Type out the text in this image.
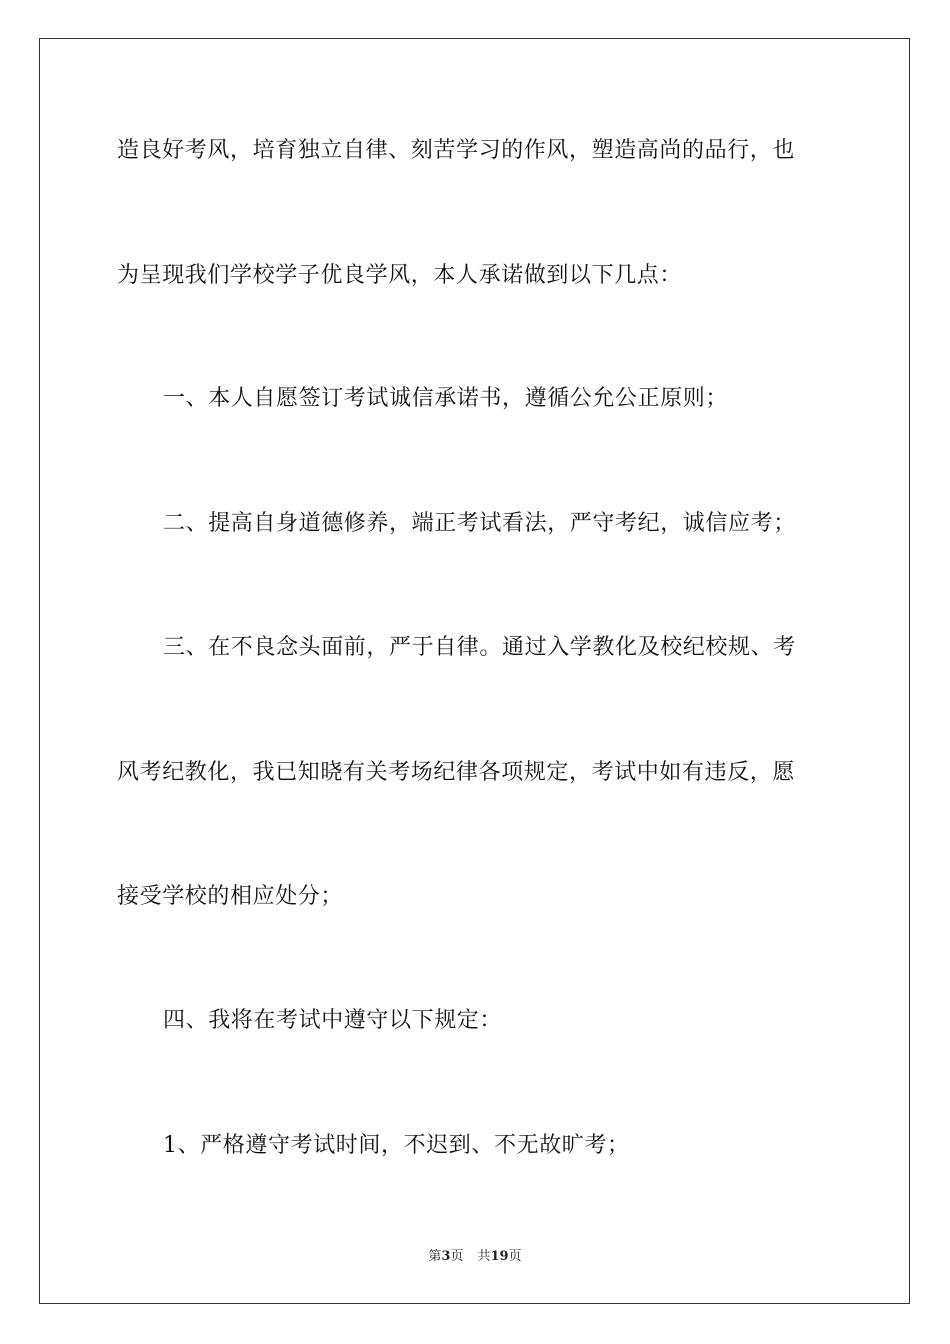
造良好考风，培育独立自律、刻苦学习的作风，塑造高尚的品行，也
为呈现我们学校学子优良学风，本人承诺做到以下几点：
一、本人自愿签订考试诚信承诺书，遵循公允公正原则；
二、提高自身道德修养，端正考试看法，严守考纪，诚信应考；
三、在不良念头面前，严于自律。通过入学教化及校纪校规、考
风考纪教化，我已知晓有关考场纪律各项规定，考试中如有违反，愿
接受学校的相应处分；
四、我将在考试中遵守以下规定：
1、严格遵守考试时间，不迟到、不无故旷考；
第3页 共19页
